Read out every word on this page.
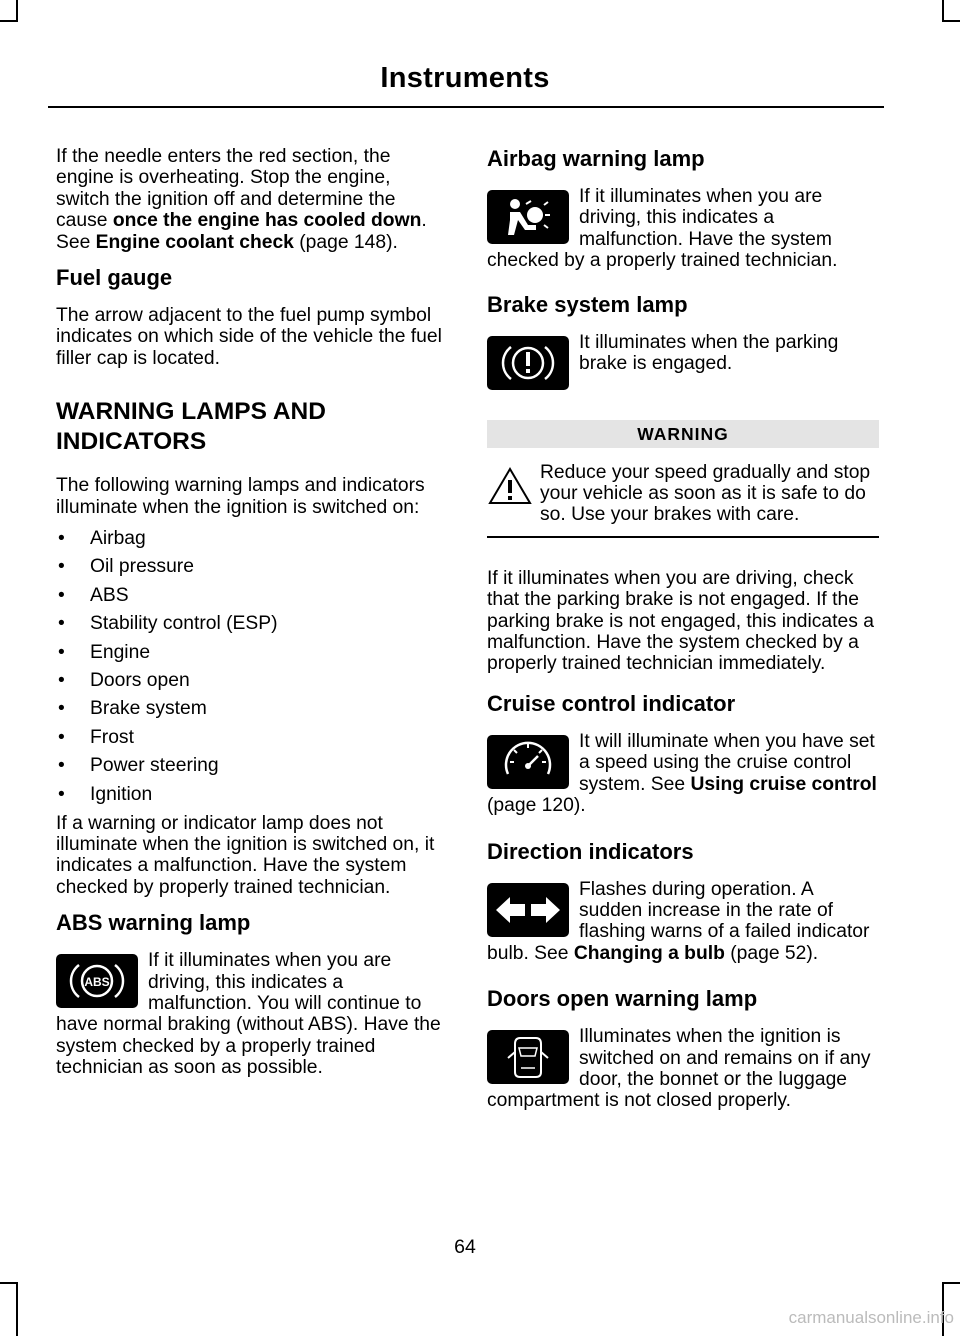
Instruments

If the needle enters the red section, the engine is overheating. Stop the engine, switch the ignition off and determine the cause once the engine has cooled down. See Engine coolant check (page 148).

Fuel gauge

The arrow adjacent to the fuel pump symbol indicates on which side of the vehicle the fuel filler cap is located.

WARNING LAMPS AND INDICATORS

The following warning lamps and indicators illuminate when the ignition is switched on:

• Airbag
• Oil pressure
• ABS
• Stability control (ESP)
• Engine
• Doors open
• Brake system
• Frost
• Power steering
• Ignition

If a warning or indicator lamp does not illuminate when the ignition is switched on, it indicates a malfunction. Have the system checked by properly trained technician.

ABS warning lamp
ABS

If it illuminates when you are driving, this indicates a malfunction. You will continue to have normal braking (without ABS). Have the system checked by a properly trained technician as soon as possible.

Airbag warning lamp

If it illuminates when you are driving, this indicates a malfunction. Have the system checked by a properly trained technician.

Brake system lamp

It illuminates when the parking brake is engaged.

WARNING

Reduce your speed gradually and stop your vehicle as soon as it is safe to do so. Use your brakes with care.

If it illuminates when you are driving, check that the parking brake is not engaged. If the parking brake is not engaged, this indicates a malfunction. Have the system checked by a properly trained technician immediately.

Cruise control indicator

It will illuminate when you have set a speed using the cruise control system. See Using cruise control (page 120).

Direction indicators

Flashes during operation. A sudden increase in the rate of flashing warns of a failed indicator bulb. See Changing a bulb (page 52).

Doors open warning lamp

Illuminates when the ignition is switched on and remains on if any door, the bonnet or the luggage compartment is not closed properly.

64
carmanualsonline.info
